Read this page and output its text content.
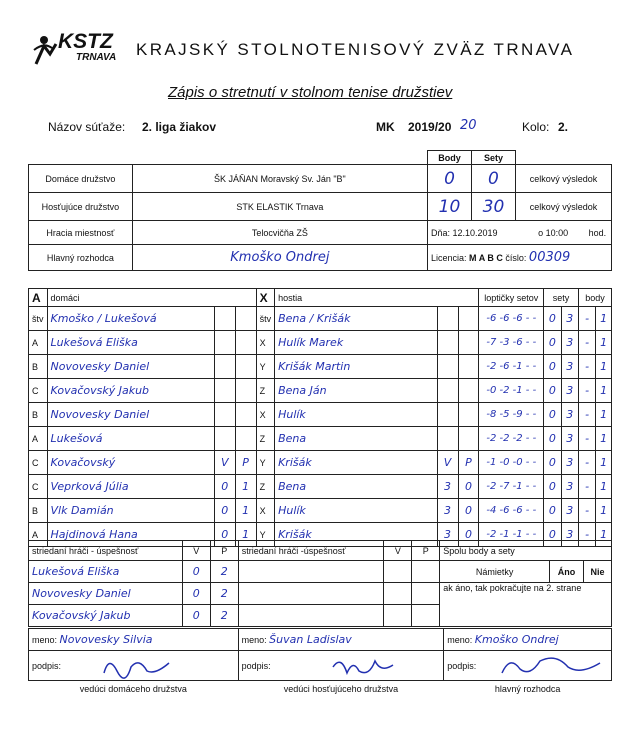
KSTZ
TRNAVA KRAJSKÝ STOLNOTENISOVÝ ZVÄZ TRNAVA
Zápis o stretnutí v stolnom tenise družstiev
Názov súťaže: 2. liga žiakov	MK 2019/20 20	Kolo: 2.
			Body	Sety	
Domáce družstvo	ŠK JÁŇAN Moravský Sv. Ján "B"		0	0	celkový výsledok
Hosťujúce družstvo	STK ELASTIK Trnava		10	30	celkový výsledok
Hracia miestnosť	Telocvičňa ZŠ		Dňa: 12.10.2019 o 10:00 hod.		
Hlavný rozhodca	Kmoško Ondrej		Licencia: M A B C číslo: 00309		
A	domáci			X	hostia			loptičky setov	sety		body	
štv	Kmoško / Lukešová			štv	Bena / Krišák			-6 -6 -6 - -	0	3	-	1
A	Lukešová Eliška			X	Hulík Marek			-7 -3 -6 - -	0	3	-	1
B	Novovesky Daniel			Y	Krišák Martin			-2 -6 -1 - -	0	3	-	1
C	Kovačovský Jakub			Z	Bena Ján			-0 -2 -1 - -	0	3	-	1
B	Novovesky Daniel			X	Hulík			-8 -5 -9 - -	0	3	-	1
A	Lukešová			Z	Bena			-2 -2 -2 - -	0	3	-	1
C	Kovačovský	V	P	Y	Krišák	V	P	-1 -0 -0 - -	0	3	-	1
C	Veprková Júlia	0	1	Z	Bena	3	0	-2 -7 -1 - -	0	3	-	1
B	Vlk Damián	0	1	X	Hulík	3	0	-4 -6 -6 - -	0	3	-	1
A	Hajdinová Hana	0	1	Y	Krišák	3	0	-2 -1 -1 - -	0	3	-	1
striedaní hráči - úspešnosť	V	P	striedaní hráči -úspešnosť	V	P	Spolu body a sety		
Lukešová Eliška	0	2				Námietky	Áno	Nie
Novovesky Daniel	0	2				ak áno, tak pokračujte na 2. strane		
Kovačovský Jakub	0	2						
meno: Novovesky Silvia	meno: Šuvan Ladislav	meno: Kmoško Ondrej
podpis:	podpis:	podpis:

vedúci domáceho družstva	vedúci hosťujúceho družstva	hlavný rozhodca
